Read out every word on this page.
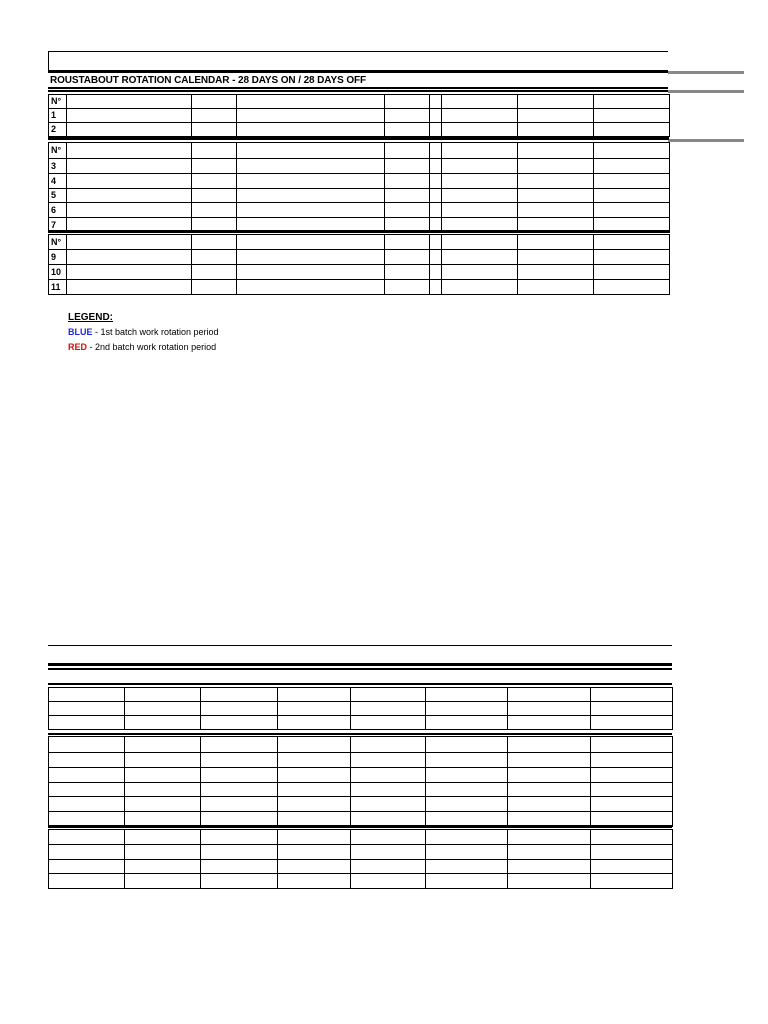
ROUSTABOUT ROTATION CALENDAR - 28 DAYS ON / 28 DAYS OFF
N°								
1								
2								
N°								
3								
4								
5								
6								
7								
N°								
9								
10								
11								
LEGEND:
BLUE - 1st batch work rotation period
RED - 2nd batch work rotation period
